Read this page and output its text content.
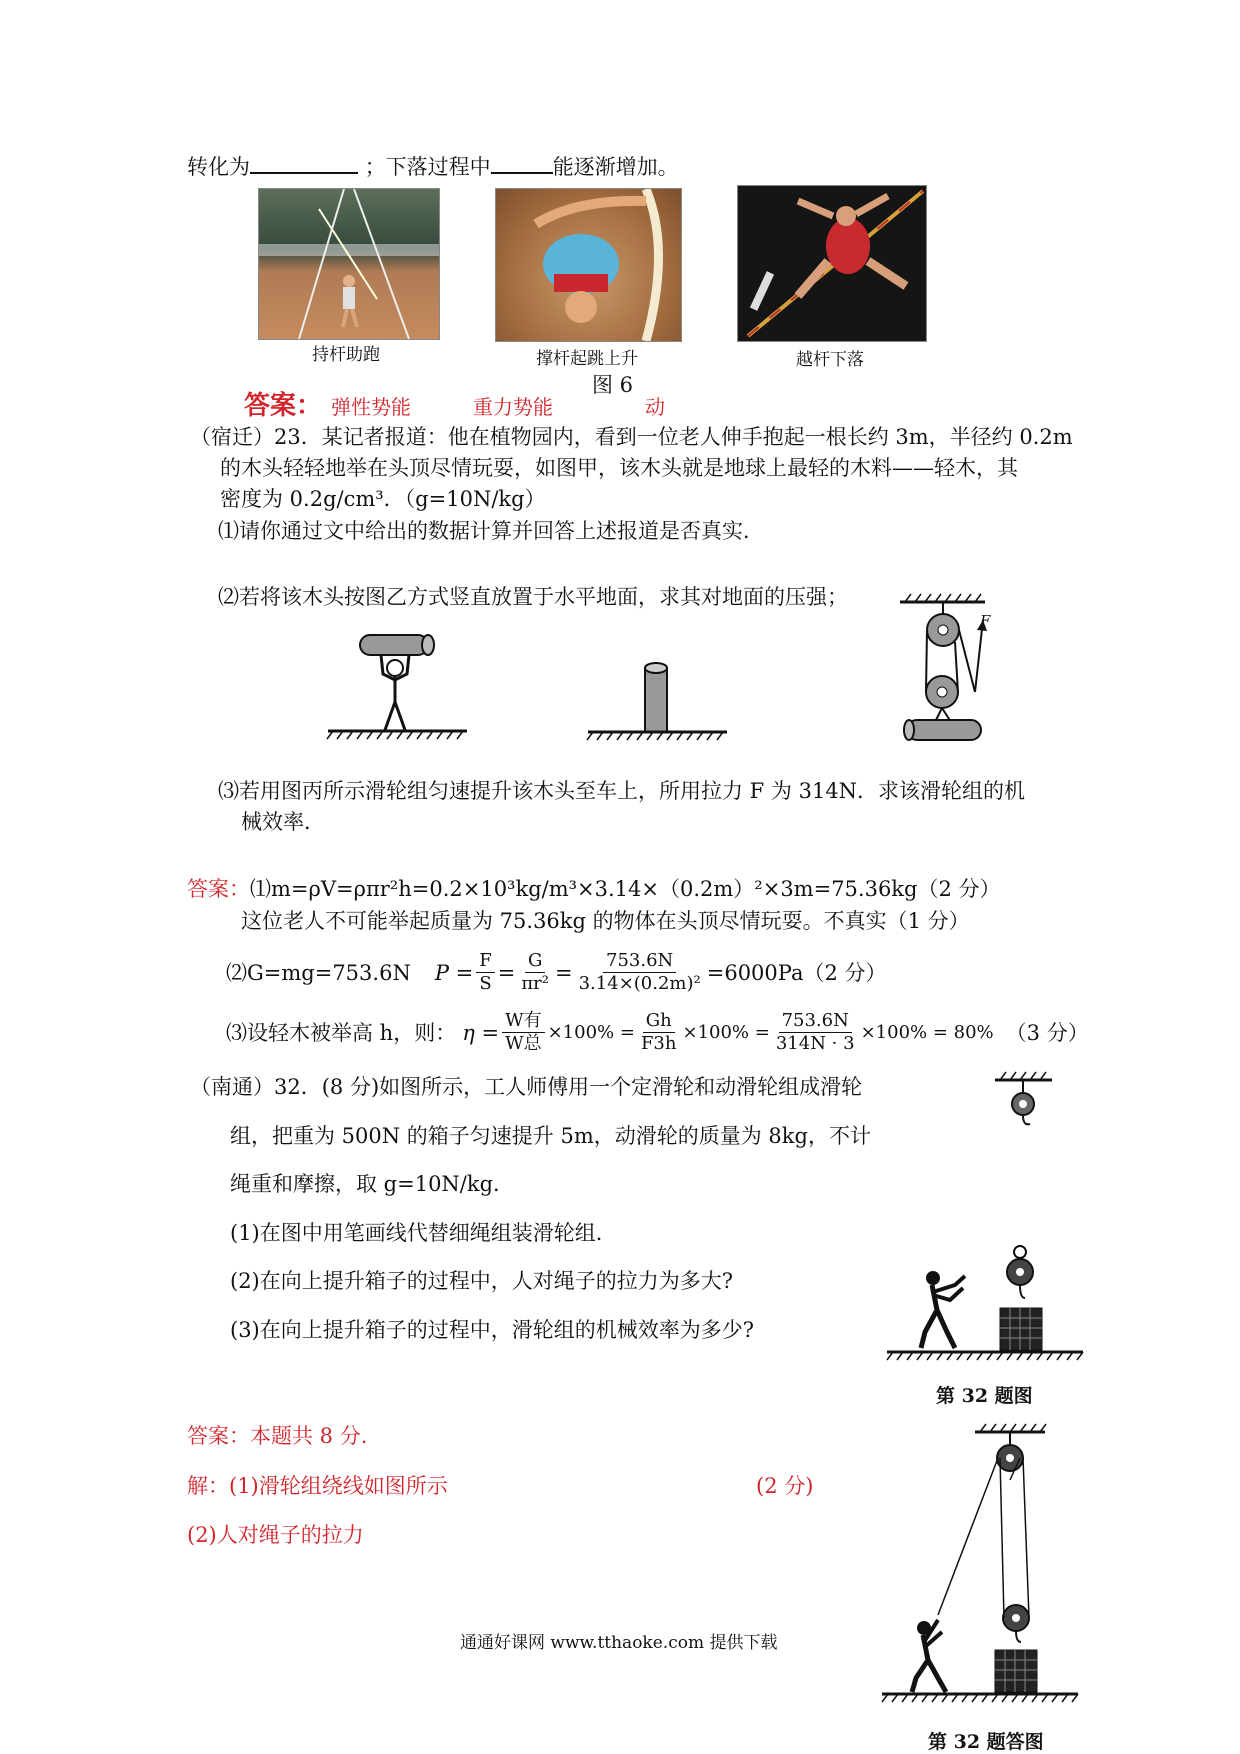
转化为	；下落过程中	能逐渐增加。
持杆助跑	撑杆起跳上升	越杆下落
图 6
答案： 弹性势能	重力势能	动
（宿迁）23．某记者报道：他在植物园内，看到一位老人伸手抱起一根长约 3m，半径约 0.2m
的木头轻轻地举在头顶尽情玩耍，如图甲，该木头就是地球上最轻的木料——轻木，其
密度为 0.2g/cm³．（g=10N/kg）
⑴请你通过文中给出的数据计算并回答上述报道是否真实．
⑵若将该木头按图乙方式竖直放置于水平地面，求其对地面的压强；
F
⑶若用图丙所示滑轮组匀速提升该木头至车上，所用拉力 F 为 314N．求该滑轮组的机
械效率．
答案：⑴m=ρV=ρπr²h=0.2×10³kg/m³×3.14×（0.2m）²×3m=75.36kg（2 分）
这位老人不可能举起质量为 75.36kg 的物体在头顶尽情玩耍。不真实（1 分）
⑵G=mg=753.6N $P = \frac{F}{S} = \frac{G}{\text{πr²}} = \frac{753.6N}{\text{3.14×(0.2m)²}} =6000Pa(2$ 分）
⑶设轻木被举高 h，则： $\eta = \frac{\text{W有}}{\text{W总}} \times 100\% = \frac{Gh}{F3h} \times 100\% = \frac{753.6N}{314N \cdot 3} \times 100\% = 80\%$ （3 分）
（南通）32．(8 分)如图所示，工人师傅用一个定滑轮和动滑轮组成滑轮
组，把重为 500N 的箱子匀速提升 5m，动滑轮的质量为 8kg，不计
绳重和摩擦，取 g=10N/kg．
(1)在图中用笔画线代替细绳组装滑轮组．
(2)在向上提升箱子的过程中，人对绳子的拉力为多大?
(3)在向上提升箱子的过程中，滑轮组的机械效率为多少?
第 32 题图
答案：本题共 8 分.
解：(1)滑轮组绕线如图所示	(2 分)
(2)人对绳子的拉力
第 32 题答图
通通好课网 www.tthaoke.com 提供下载
